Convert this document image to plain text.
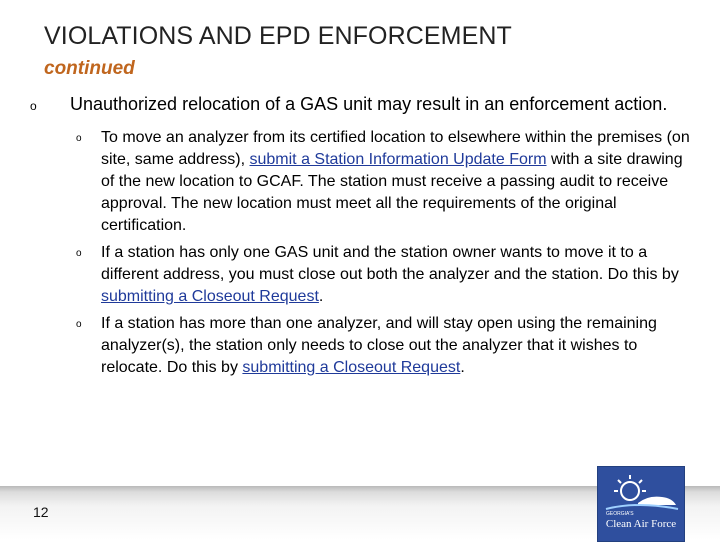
VIOLATIONS AND EPD ENFORCEMENT
continued
o Unauthorized relocation of a GAS unit may result in an enforcement action.
o To move an analyzer from its certified location to elsewhere within the premises (on site, same address), submit a Station Information Update Form with a site drawing of the new location to GCAF. The station must receive a passing audit to receive approval. The new location must meet all the requirements of the original certification.
o If a station has only one GAS unit and the station owner wants to move it to a different address, you must close out both the analyzer and the station. Do this by submitting a Closeout Request.
o If a station has more than one analyzer, and will stay open using the remaining analyzer(s), the station only needs to close out the analyzer that it wishes to relocate. Do this by submitting a Closeout Request.
12	GEORGIA'S
Clean Air Force
